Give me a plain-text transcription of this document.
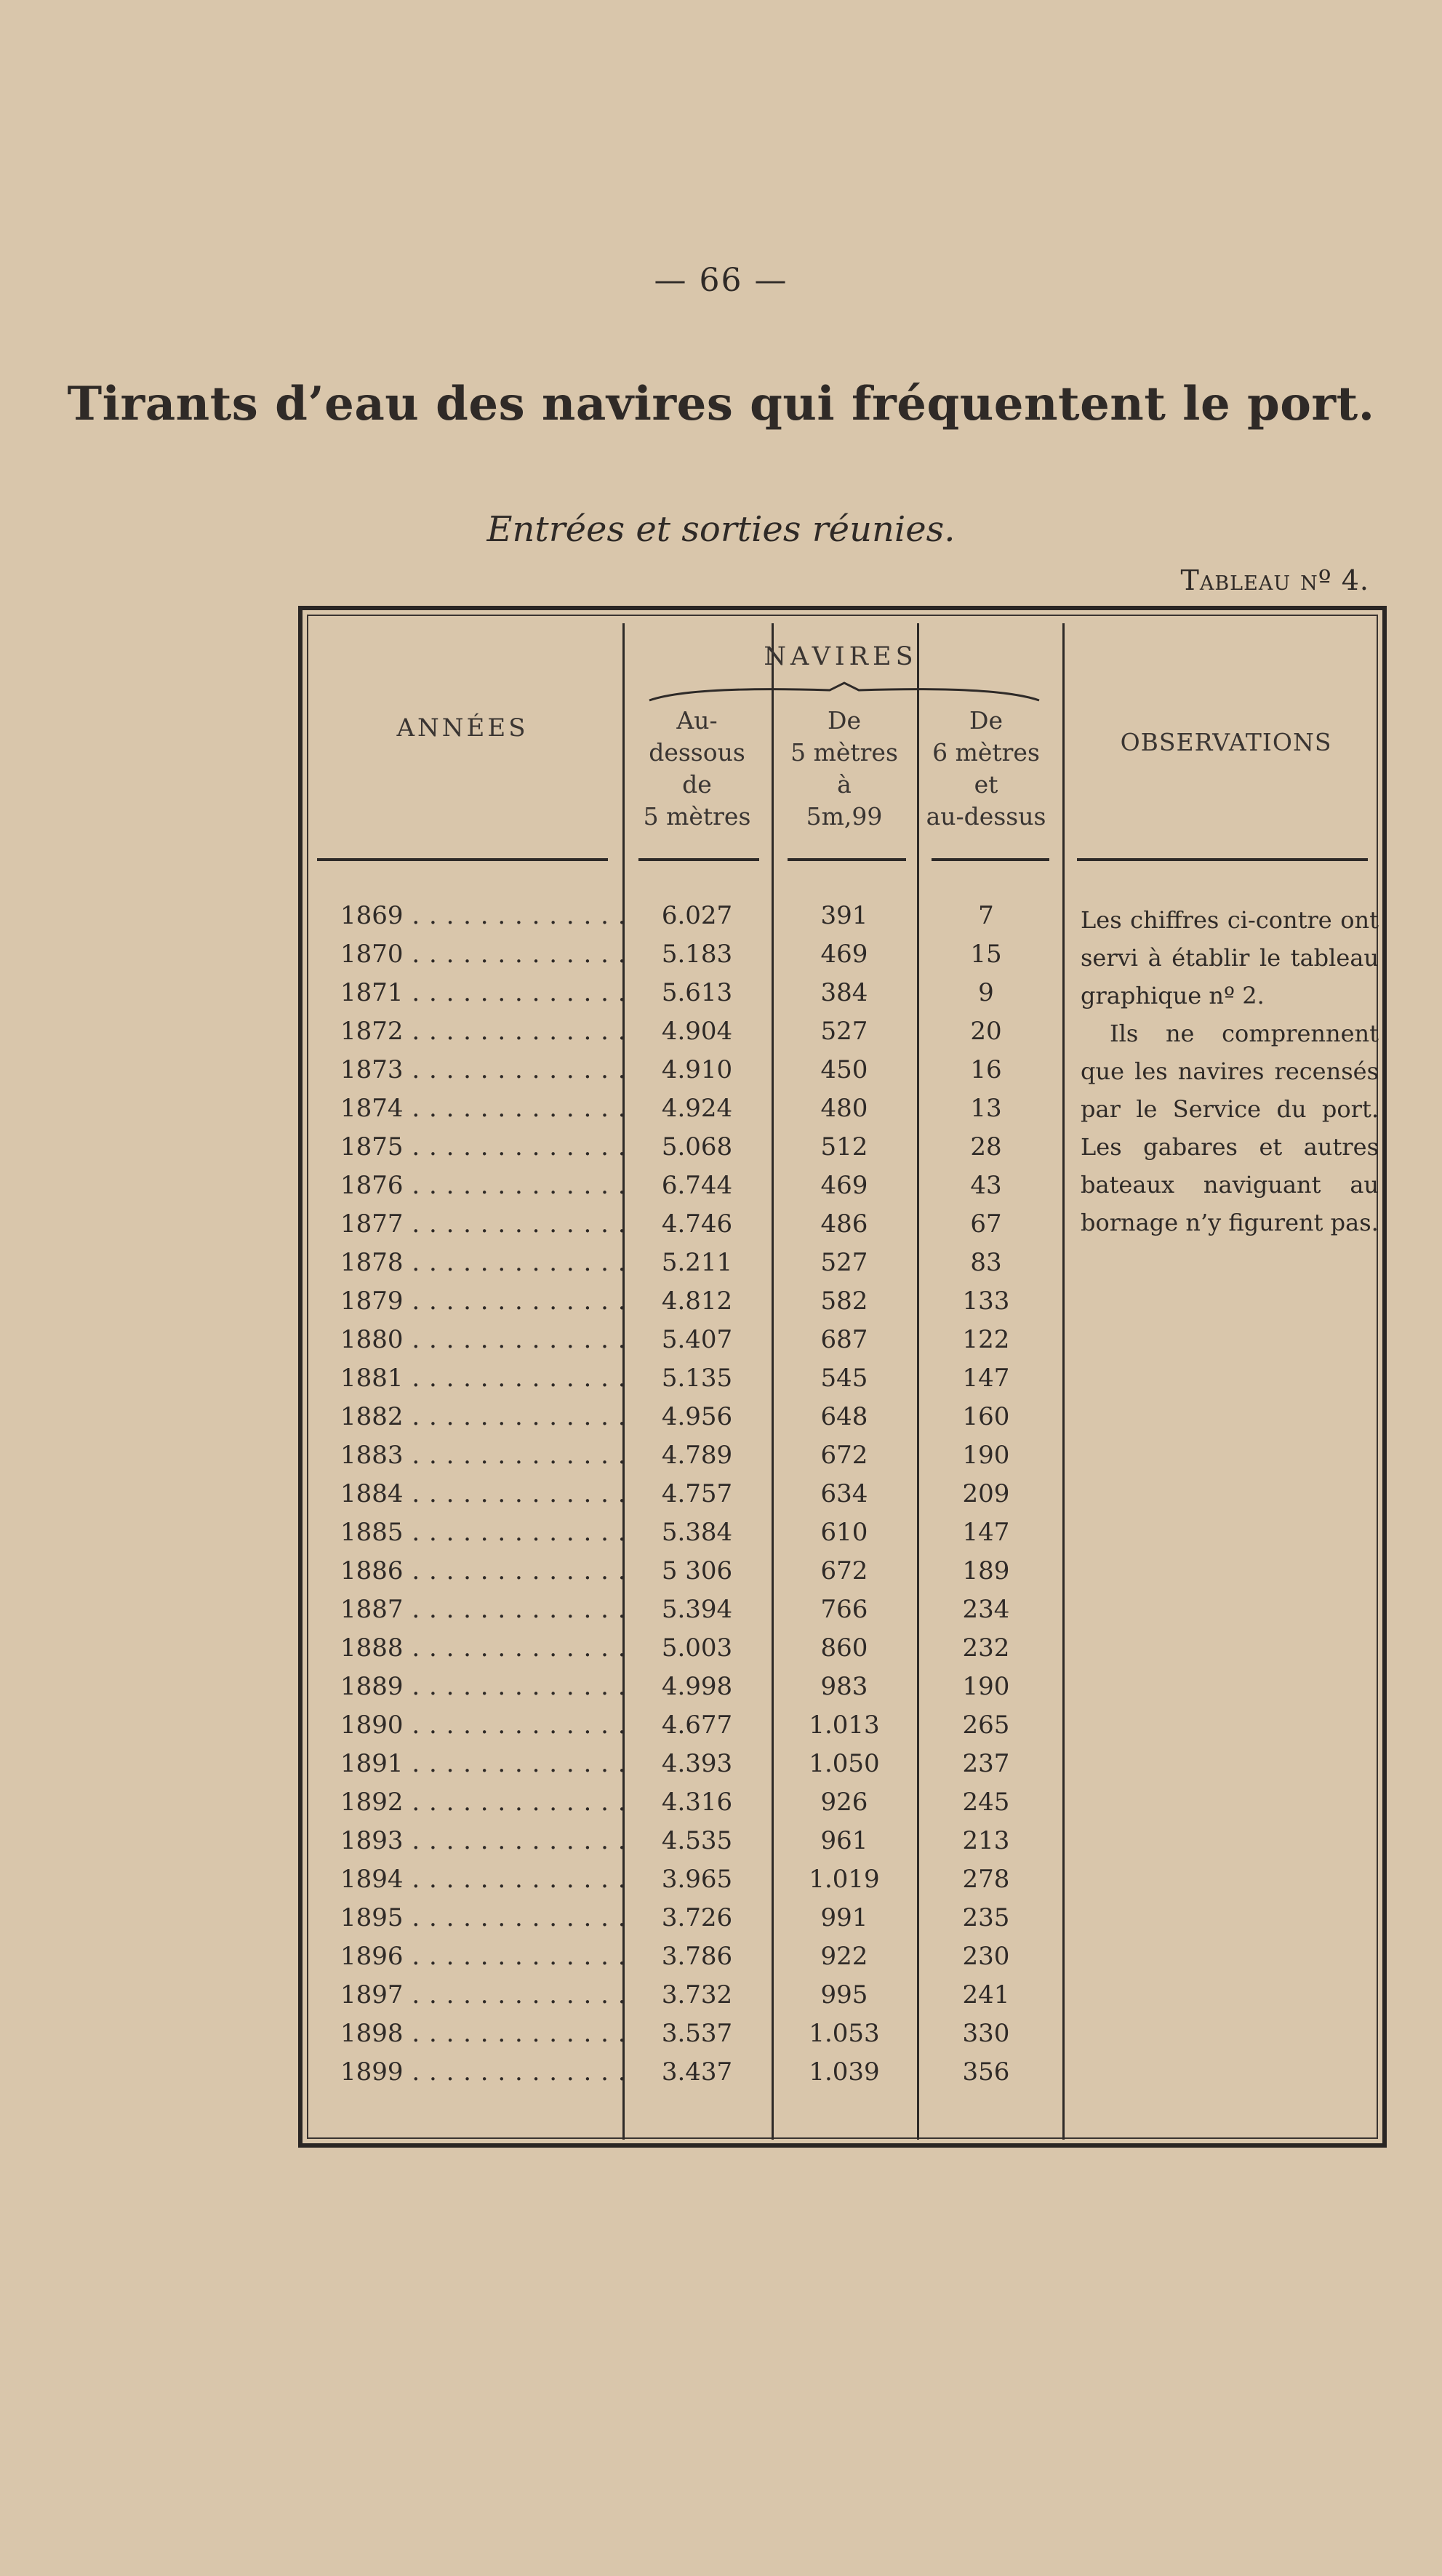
— 66 —
Tirants d’eau des navires qui fréquentent le port.
Entrées et sorties réunies.
Tableau nº 4.
ANNÉES
NAVIRES
Au-
dessous
de
5 mètres
De
5 mètres
à
5m,99
De
6 mètres
et
au-dessus
OBSERVATIONS
1869 . . .	6.027	391	7
1870 . . .	5.183	469	15
1871 . . .	5.613	384	9
1872 . . .	4.904	527	20
1873 . . .	4.910	450	16
1874 . . .	4.924	480	13
1875 . . .	5.068	512	28
1876 . . .	6.744	469	43
1877 . . .	4.746	486	67
1878 . . .	5.211	527	83
1879 . . .	4.812	582	133
1880 . . .	5.407	687	122
1881 . . .	5.135	545	147
1882 . . .	4.956	648	160
1883 . . .	4.789	672	190
1884 . . .	4.757	634	209
1885 . . .	5.384	610	147
1886 . . .	5 306	672	189
1887 . . .	5.394	766	234
1888 . . .	5.003	860	232
1889 . . .	4.998	983	190
1890 . . .	4.677	1.013	265
1891 . . .	4.393	1.050	237
1892 . . .	4.316	926	245
1893 . . .	4.535	961	213
1894 . . .	3.965	1.019	278
1895 . . .	3.726	991	235
1896 . . .	3.786	922	230
1897 . . .	3.732	995	241
1898 . . .	3.537	1.053	330
1899 . . .	3.437	1.039	356

Les chiffres ci-contre ont servi à établir le tableau graphique nº 2.

Ils ne comprennent que les navires recensés par le Service du port. Les gabares et autres bateaux naviguant au bornage n’y figurent pas.
